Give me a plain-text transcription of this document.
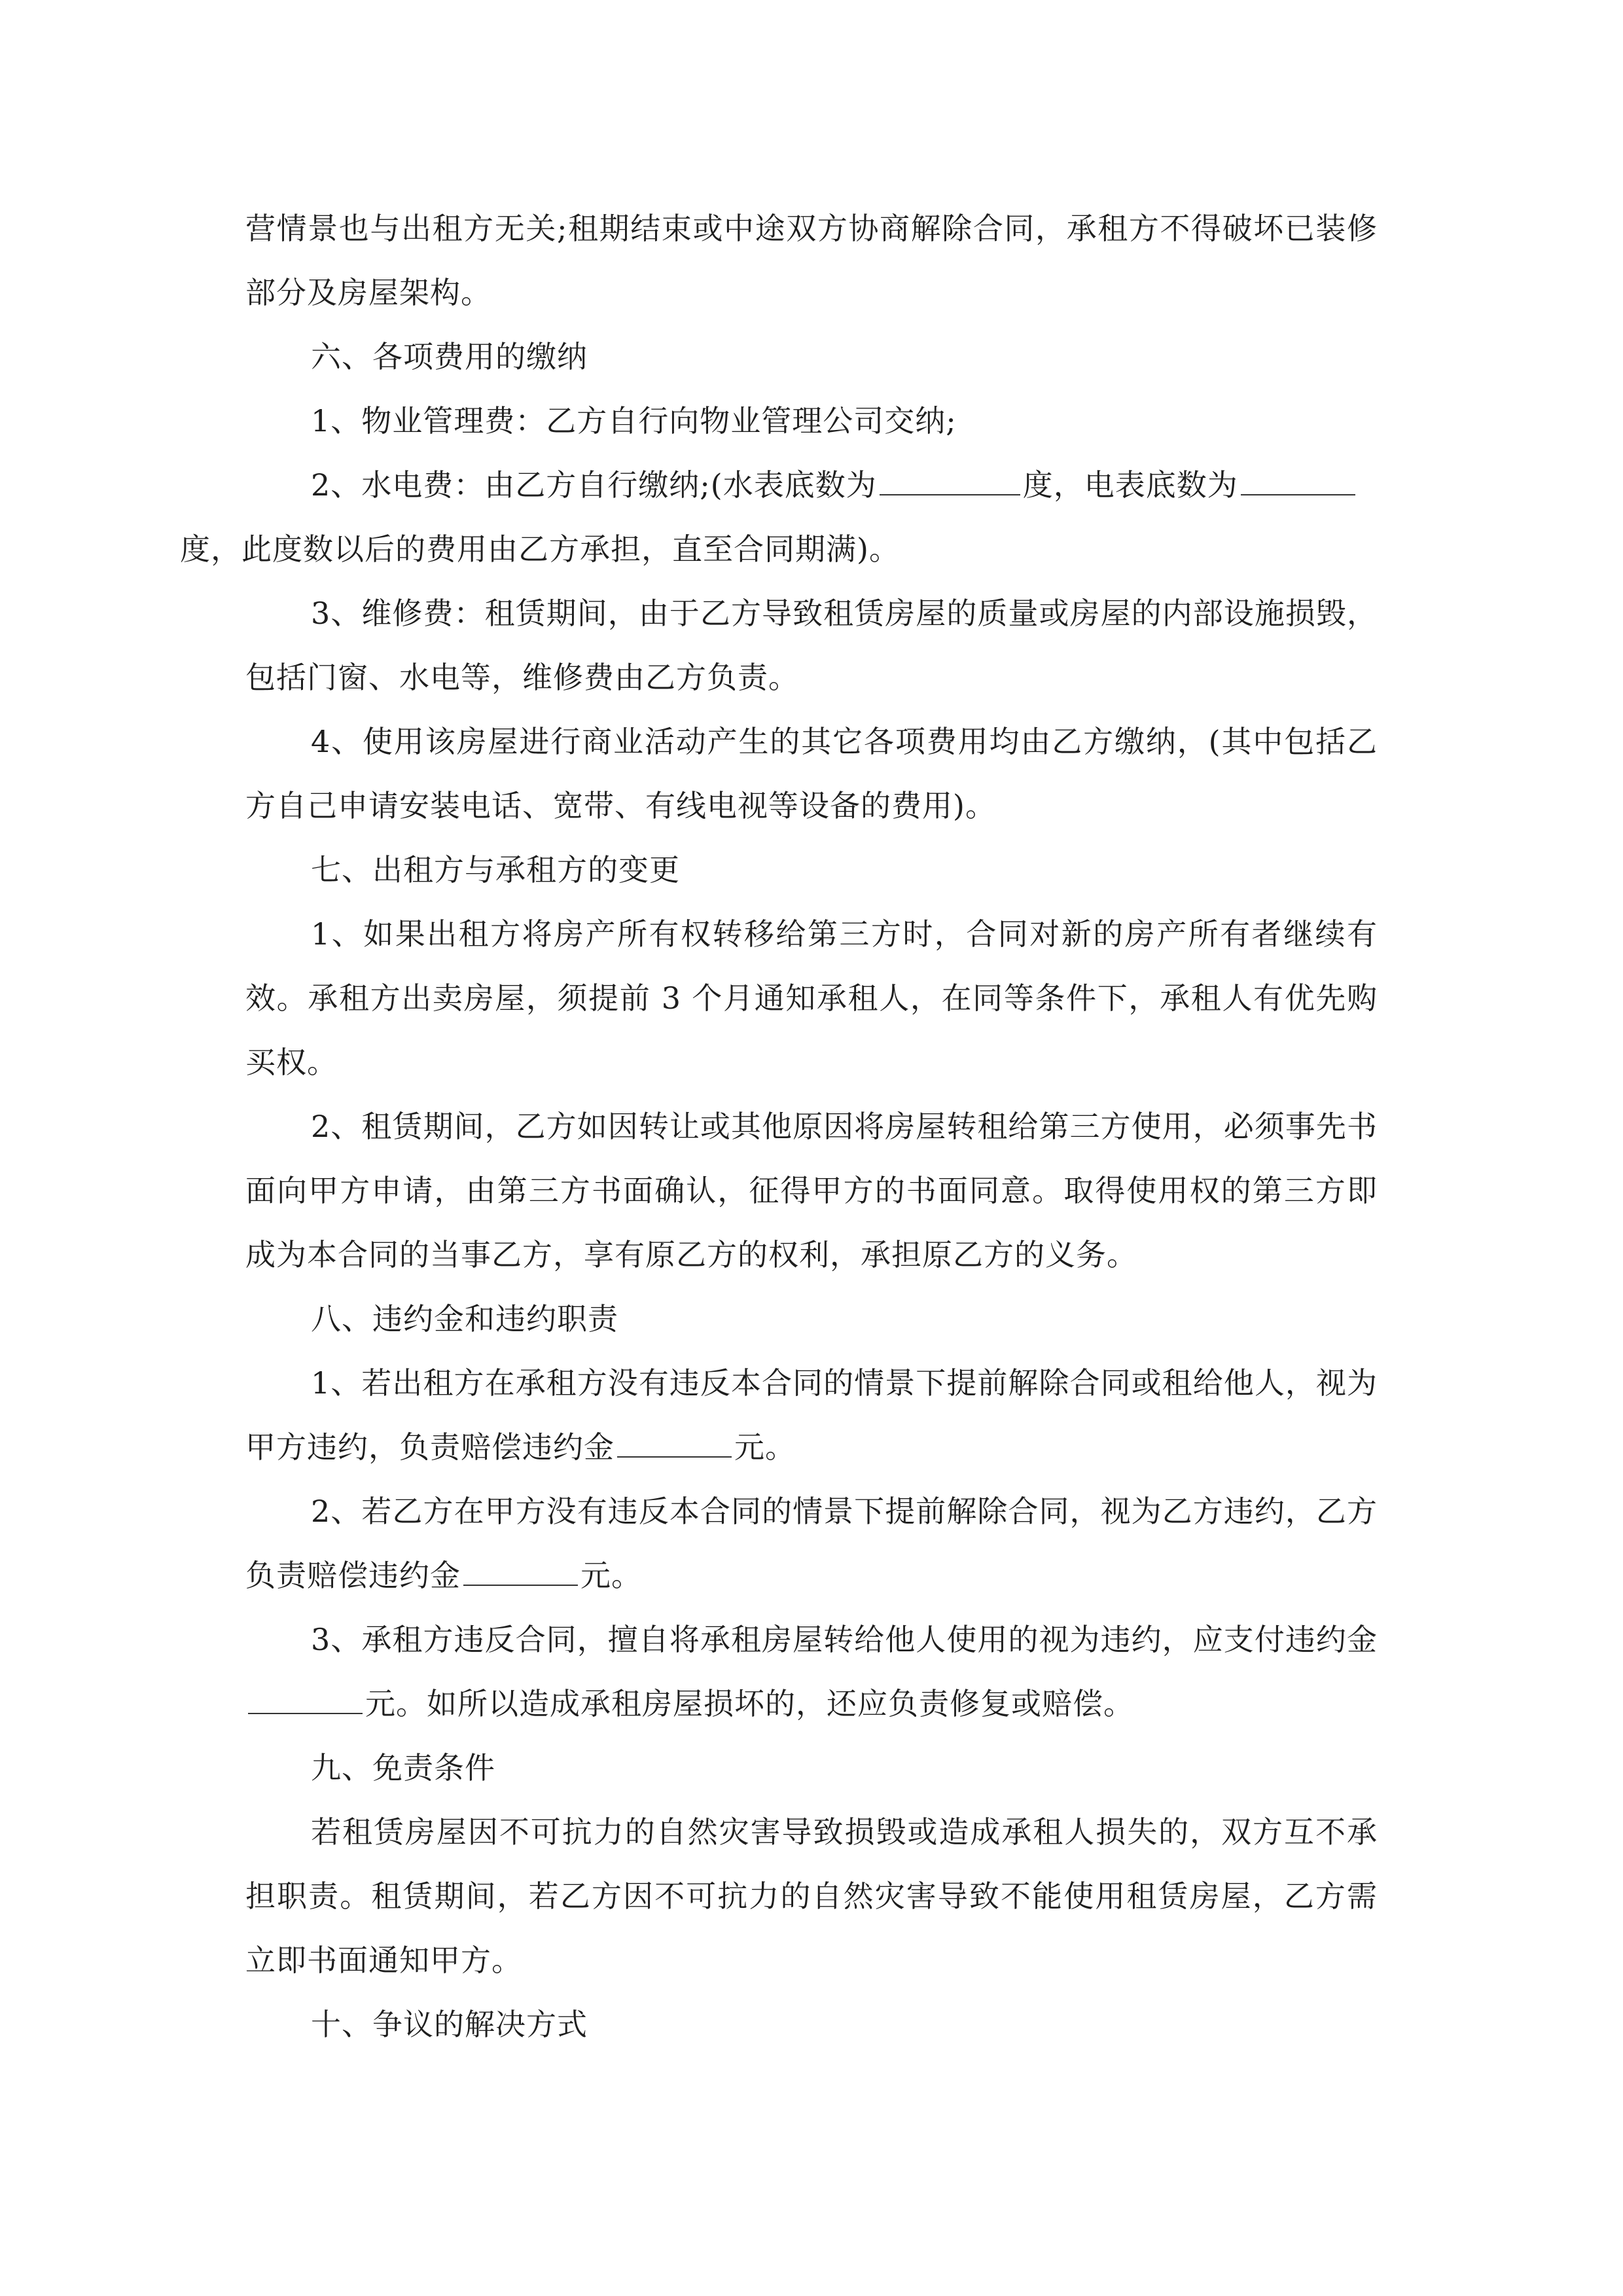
营情景也与出租方无关;租期结束或中途双方协商解除合同，承租方不得破坏已装修部分及房屋架构。

六、各项费用的缴纳

1、物业管理费：乙方自行向物业管理公司交纳;

2、水电费：由乙方自行缴纳;(水表底数为	度，电表底数为
度，此度数以后的费用由乙方承担，直至合同期满)。

3、维修费：租赁期间，由于乙方导致租赁房屋的质量或房屋的内部设施损毁，包括门窗、水电等，维修费由乙方负责。

4、使用该房屋进行商业活动产生的其它各项费用均由乙方缴纳，(其中包括乙方自己申请安装电话、宽带、有线电视等设备的费用)。

七、出租方与承租方的变更

1、如果出租方将房产所有权转移给第三方时，合同对新的房产所有者继续有效。承租方出卖房屋，须提前 3 个月通知承租人，在同等条件下，承租人有优先购买权。

2、租赁期间，乙方如因转让或其他原因将房屋转租给第三方使用，必须事先书面向甲方申请，由第三方书面确认，征得甲方的书面同意。取得使用权的第三方即成为本合同的当事乙方，享有原乙方的权利，承担原乙方的义务。

八、违约金和违约职责

1、若出租方在承租方没有违反本合同的情景下提前解除合同或租给他人，视为甲方违约，负责赔偿违约金	元。

2、若乙方在甲方没有违反本合同的情景下提前解除合同，视为乙方违约，乙方负责赔偿违约金	元。

3、承租方违反合同，擅自将承租房屋转给他人使用的视为违约，应支付违约金元。如所以造成承租房屋损坏的，还应负责修复或赔偿。

九、免责条件

若租赁房屋因不可抗力的自然灾害导致损毁或造成承租人损失的，双方互不承担职责。租赁期间，若乙方因不可抗力的自然灾害导致不能使用租赁房屋，乙方需立即书面通知甲方。

十、争议的解决方式
